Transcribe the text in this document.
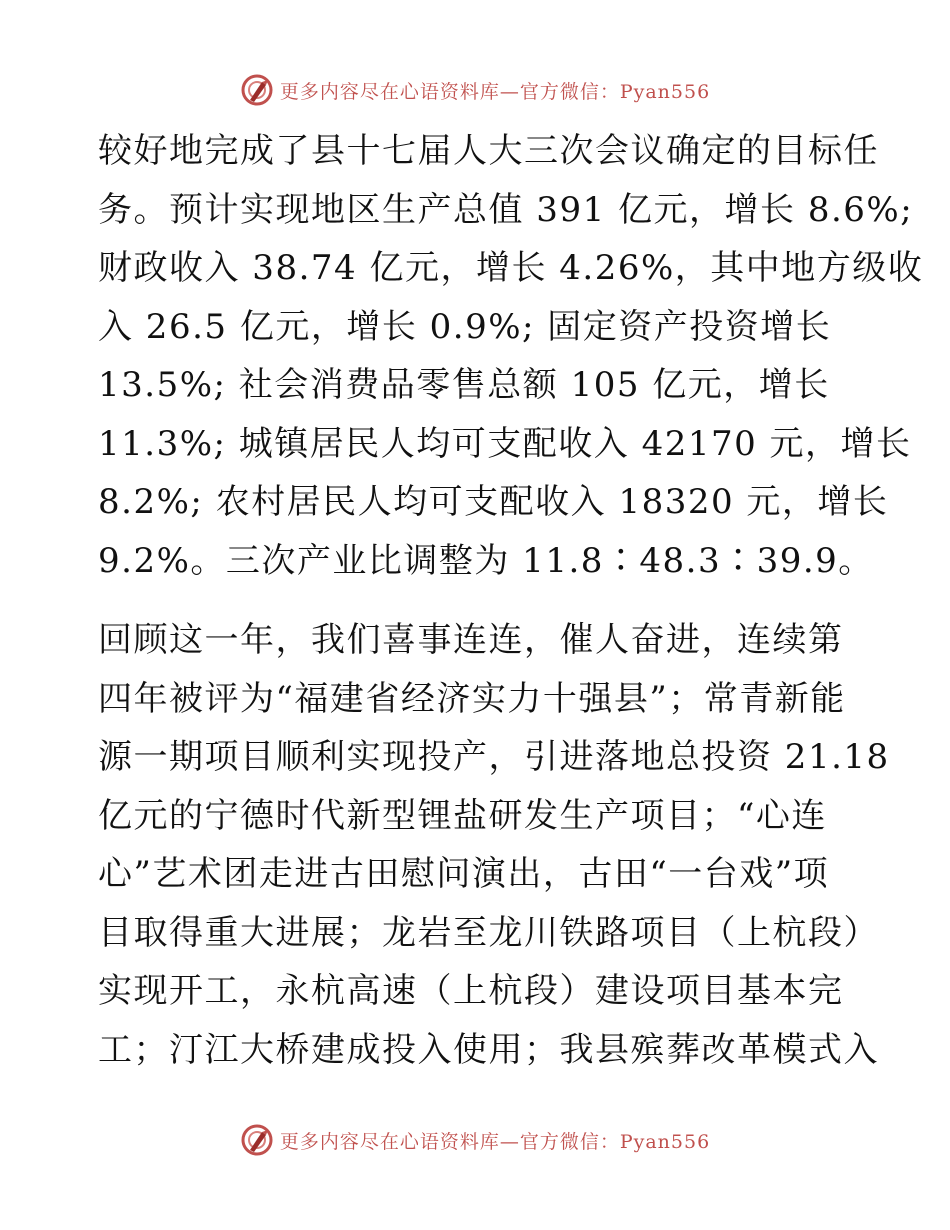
更多内容尽在心语资料库—官方微信：Pyan556
较好地完成了县十七届人大三次会议确定的目标任
务。预计实现地区生产总值 391 亿元，增长 8.6%;
财政收入 38.74 亿元，增长 4.26%，其中地方级收
入 26.5 亿元，增长 0.9%; 固定资产投资增长
13.5%; 社会消费品零售总额 105 亿元，增长
11.3%; 城镇居民人均可支配收入 42170 元，增长
8.2%; 农村居民人均可支配收入 18320 元，增长
9.2%。三次产业比调整为 11.8∶48.3∶39.9。
回顾这一年，我们喜事连连，催人奋进，连续第
四年被评为“福建省经济实力十强县”；常青新能
源一期项目顺利实现投产，引进落地总投资 21.18
亿元的宁德时代新型锂盐研发生产项目；“心连
心”艺术团走进古田慰问演出，古田“一台戏”项
目取得重大进展；龙岩至龙川铁路项目（上杭段）
实现开工，永杭高速（上杭段）建设项目基本完
工；汀江大桥建成投入使用；我县殡葬改革模式入
更多内容尽在心语资料库—官方微信：Pyan556
